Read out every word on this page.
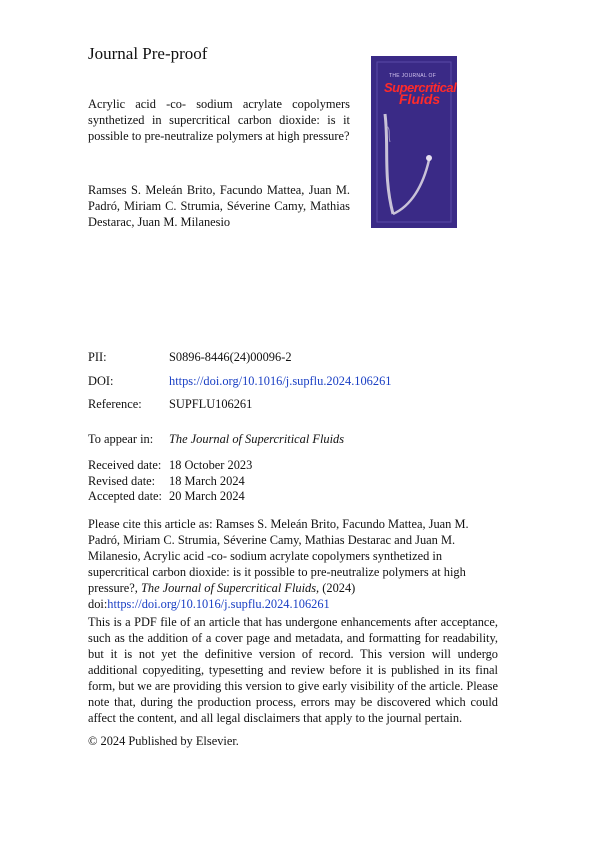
Journal Pre-proof
Acrylic acid -co- sodium acrylate copolymers synthetized in supercritical carbon dioxide: is it possible to pre-neutralize polymers at high pressure?
Ramses S. Meleán Brito, Facundo Mattea, Juan M. Padró, Miriam C. Strumia, Séverine Camy, Mathias Destarac, Juan M. Milanesio
THE JOURNAL OF
Supercritical
Fluids
PII:	S0896-8446(24)00096-2
DOI:	https://doi.org/10.1016/j.supflu.2024.106261
Reference: SUPFLU106261
To appear in: The Journal of Supercritical Fluids
Received date: 18 October 2023
Revised date: 18 March 2024
Accepted date: 20 March 2024
Please cite this article as: Ramses S. Meleán Brito, Facundo Mattea, Juan M. Padró, Miriam C. Strumia, Séverine Camy, Mathias Destarac and Juan M. Milanesio, Acrylic acid -co- sodium acrylate copolymers synthetized in supercritical carbon dioxide: is it possible to pre-neutralize polymers at high pressure?, The Journal of Supercritical Fluids, (2024)
doi:https://doi.org/10.1016/j.supflu.2024.106261
This is a PDF file of an article that has undergone enhancements after acceptance, such as the addition of a cover page and metadata, and formatting for readability, but it is not yet the definitive version of record. This version will undergo additional copyediting, typesetting and review before it is published in its final form, but we are providing this version to give early visibility of the article. Please note that, during the production process, errors may be discovered which could affect the content, and all legal disclaimers that apply to the journal pertain.
© 2024 Published by Elsevier.
